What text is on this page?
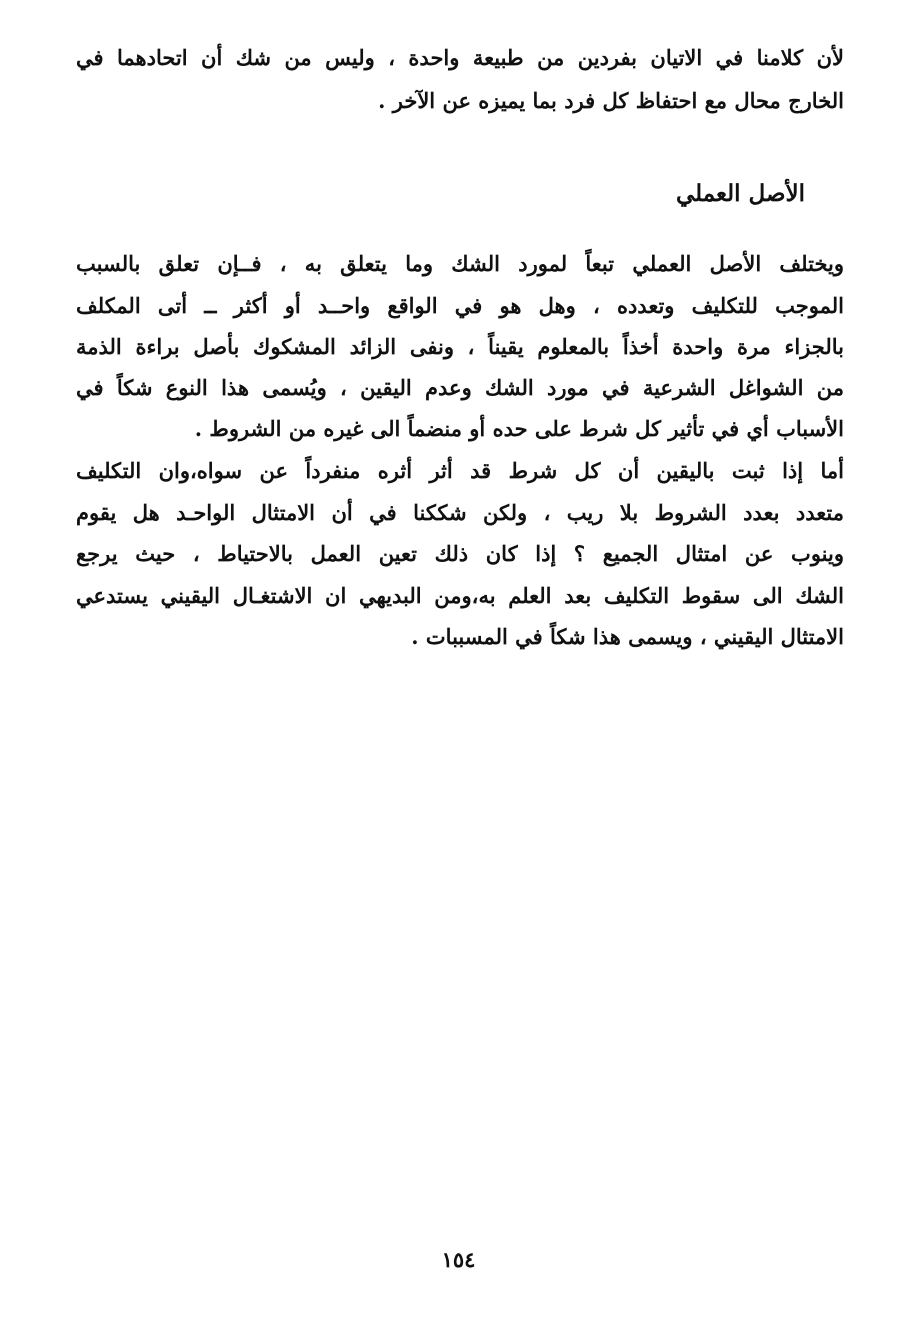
لأن كلامنا في الاتيان بفردين من طبيعة واحدة ، وليس من شك أن اتحادهما في
الخارج محال مع احتفاظ كل فرد بما يميزه عن الآخر .
الأصل العملي
ويختلف الأصل العملي تبعاً لمورد الشك وما يتعلق به ، فــإن تعلق بالسبب
الموجب للتكليف وتعدده ، وهل هو في الواقع واحــد أو أكثر ــ أتى المكلف
بالجزاء مرة واحدة أخذاً بالمعلوم يقيناً ، ونفى الزائد المشكوك بأصل براءة الذمة
من الشواغل الشرعية في مورد الشك وعدم اليقين ، ويُسمى هذا النوع شكاً في
الأسباب أي في تأثير كل شرط على حده أو منضماً الى غيره من الشروط .
أما إذا ثبت باليقين أن كل شرط قد أثر أثره منفرداً عن سواه،وان التكليف
متعدد بعدد الشروط بلا ريب ، ولكن شككنا في أن الامتثال الواحـد هل يقوم
وينوب عن امتثال الجميع ؟ إذا كان ذلك تعين العمل بالاحتياط ، حيث يرجع
الشك الى سقوط التكليف بعد العلم به،ومن البديهي ان الاشتغـال اليقيني يستدعي
الامتثال اليقيني ، ويسمى هذا شكاً في المسببات .
١٥٤
